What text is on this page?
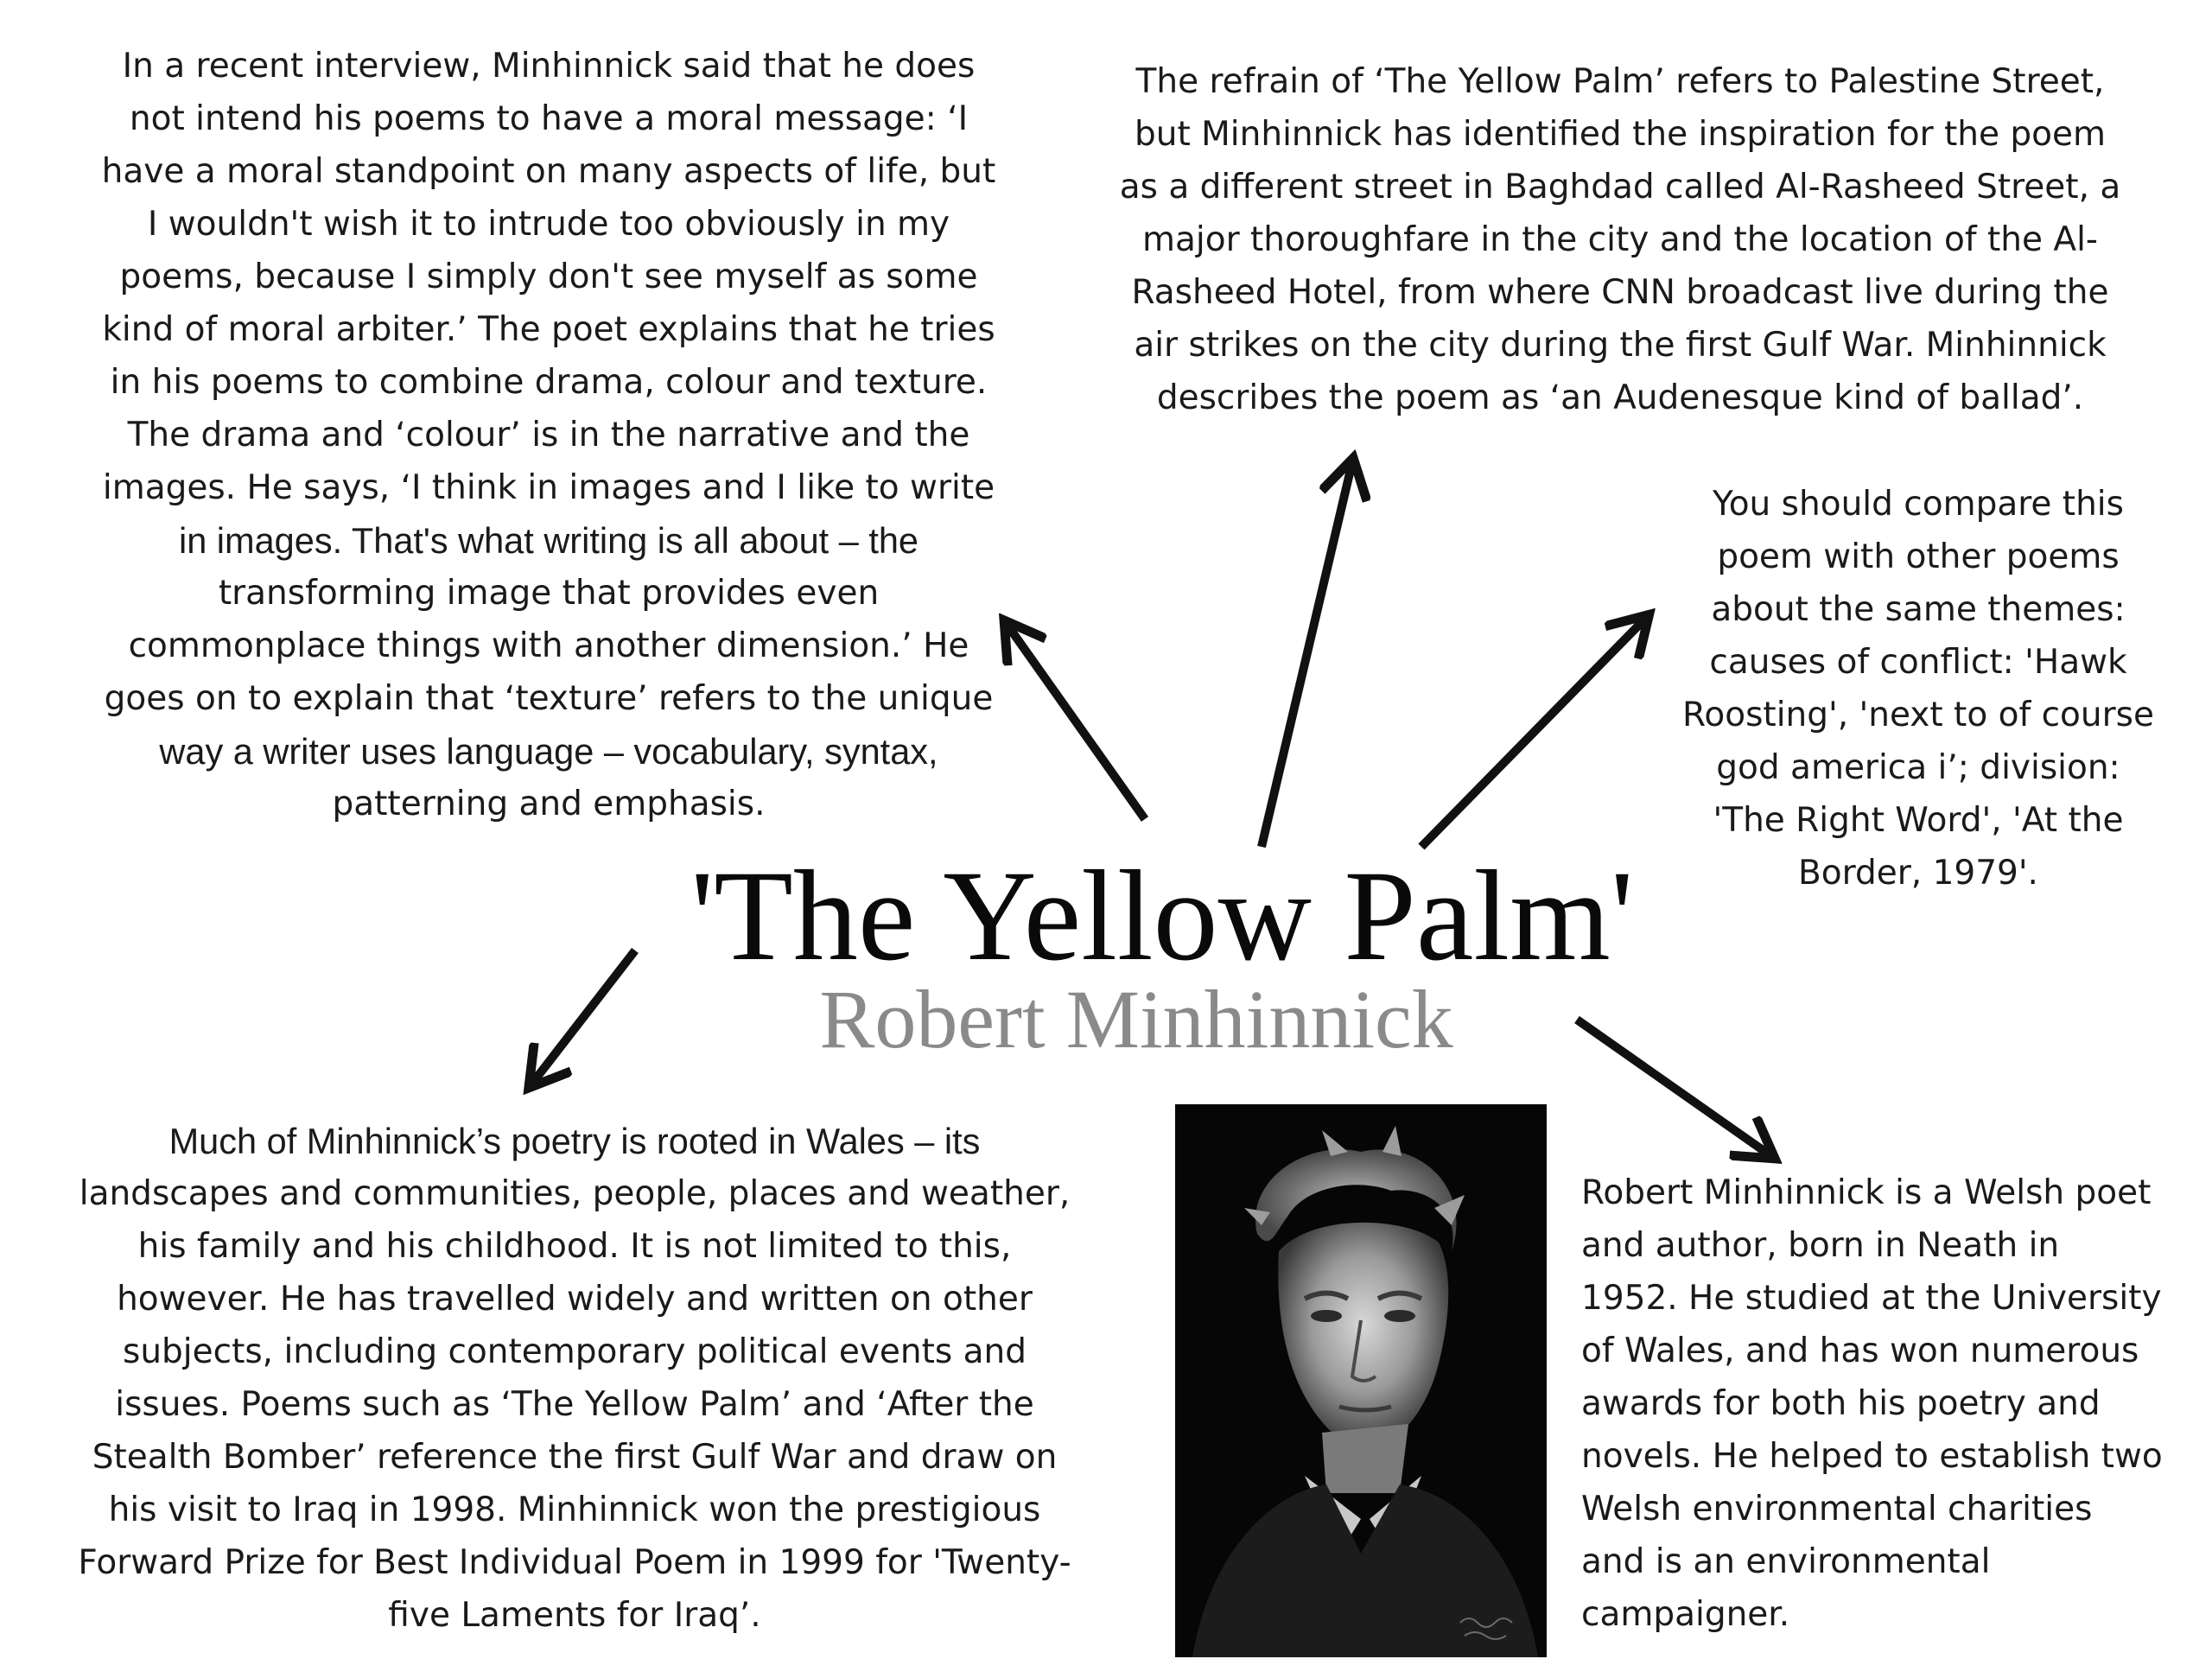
In a recent interview, Minhinnick said that he does

not intend his poems to have a moral message: ‘I

have a moral standpoint on many aspects of life, but

I wouldn't wish it to intrude too obviously in my

poems, because I simply don't see myself as some

kind of moral arbiter.’ The poet explains that he tries

in his poems to combine drama, colour and texture.

The drama and ‘colour’ is in the narrative and the

images. He says, ‘I think in images and I like to write

in images. That's what writing is all about – the

transforming image that provides even

commonplace things with another dimension.’ He

goes on to explain that ‘texture’ refers to the unique

way a writer uses language – vocabulary, syntax,

patterning and emphasis.

The refrain of ‘The Yellow Palm’ refers to Palestine Street,

but Minhinnick has identified the inspiration for the poem

as a different street in Baghdad called Al-Rasheed Street, a

major thoroughfare in the city and the location of the Al-

Rasheed Hotel, from where CNN broadcast live during the

air strikes on the city during the first Gulf War. Minhinnick

describes the poem as ‘an Audenesque kind of ballad’.

You should compare this

poem with other poems

about the same themes:

causes of conflict: 'Hawk

Roosting', 'next to of course

god america i’; division:

'The Right Word', 'At the

Border, 1979'.

'The Yellow Palm'
Robert Minhinnick

Much of Minhinnick’s poetry is rooted in Wales – its

landscapes and communities, people, places and weather,

his family and his childhood. It is not limited to this,

however. He has travelled widely and written on other

subjects, including contemporary political events and

issues. Poems such as ‘The Yellow Palm’ and ‘After the

Stealth Bomber’ reference the first Gulf War and draw on

his visit to Iraq in 1998. Minhinnick won the prestigious

Forward Prize for Best Individual Poem in 1999 for 'Twenty-

five Laments for Iraq’.

Robert Minhinnick is a Welsh poet

and author, born in Neath in

1952. He studied at the University

of Wales, and has won numerous

awards for both his poetry and

novels. He helped to establish two

Welsh environmental charities

and is an environmental

campaigner.
